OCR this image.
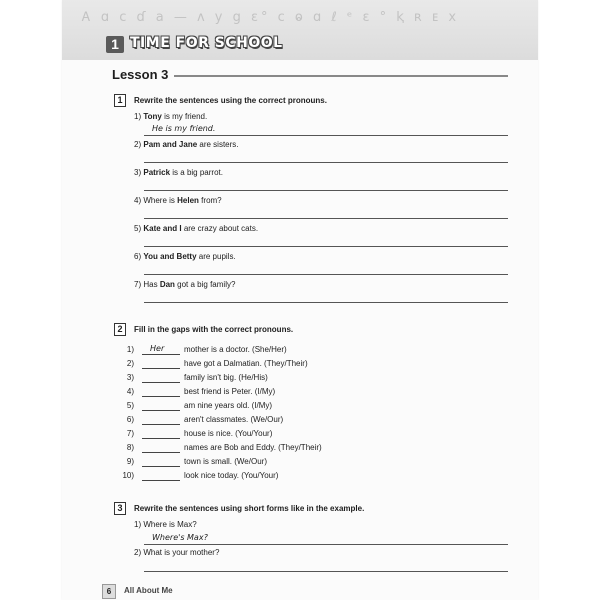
Ꭺ ɑ c ɗ a — ᴧ y g ɛ° c ⱺ ɑ ℓ ᵉ ε ° ⱪ ʀ ᴇ x
1 TIME FOR SCHOOL
Lesson 3
1	Rewrite the sentences using the correct pronouns.
1) Tony is my friend.
He is my friend.
2) Pam and Jane are sisters.
3) Patrick is a big parrot.
4) Where is Helen from?
5) Kate and I are crazy about cats.
6) You and Betty are pupils.
7) Has Dan got a big family?
2	Fill in the gaps with the correct pronouns.
1) Her mother is a doctor. (She/Her)
2)	have got a Dalmatian. (They/Their)
3)	family isn't big. (He/His)
4)	best friend is Peter. (I/My)
5)	am nine years old. (I/My)
6)	aren't classmates. (We/Our)
7)	house is nice. (You/Your)
8)	names are Bob and Eddy. (They/Their)
9)	town is small. (We/Our)
10)	look nice today. (You/Your)
3	Rewrite the sentences using short forms like in the example.
1) Where is Max?
Where's Max?
2) What is your mother?
6	All About Me
